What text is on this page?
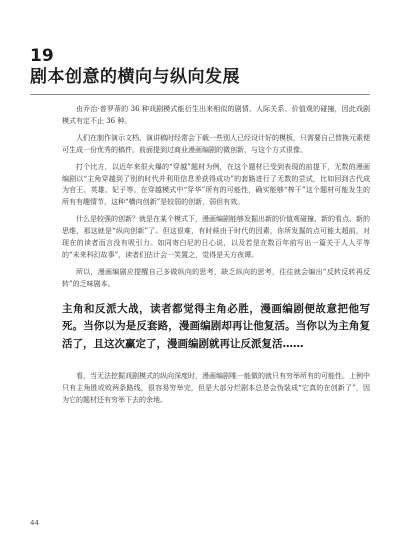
19
剧本创意的横向与纵向发展

由乔治·普罗蒂的 36 种戏剧模式能衍生出来相似的剧情、人际关系、价值观的碰撞，因此戏剧模式有定不止 36 种。

人们在制作演示文档、演讲稿时经常会下载一些别人已经设计好的模板，只需要自己替换元素便可生成一份优秀的稿件。前面提到过商业漫画编剧的微创新，与这个方式很像。

打个比方，以近年来很火爆的“穿越”题材为例，在这个题材已受到表现的前提下，无数的漫画编剧以“主角穿越到了别的时代并利用信息差获得成功”的套路进行了无数的尝试，比如回到古代成为官王、英雄、妃子等。在穿越模式中“穿华”所有的可能性，确实能够“榨干”这个题材可能发生的所有有趣情节，这种“横向创新”是较弱的创新，弱但有效。

什么是较强的创新？就是在某个模式下，漫画编剧能够发掘出新的价值观碰撞、新的看点、新的思维，那这就是“纵向创新”了。但这很难，有时候由于时代的因素，你所发掘的点可能太超前，对现在的读者而言没有吸引力。如同寄白尼的日心说，以及若是在数百年前写出一篇关于人人平等的“未来科幻故事”，读者们估计会一笑置之，觉得是天方夜谭。

所以，漫画编剧应提醒自己多做纵向的思考，缺乏纵向的思考，往往就会编出“反转反转再反转”的乏味剧本。

主角和反派大战，读者都觉得主角必胜，漫画编剧便故意把他写死。当你以为是反套路，漫画编剧却再让他复活。当你以为主角复活了，且这次赢定了，漫画编剧就再让反派复活……

看，当无法挖掘戏剧模式的纵向深度时，漫画编剧唯一能做的就只有穷举所有的可能性。上例中只有主角胜或败两条路线，很容易穷举完，但是大部分烂剧本总是会伪装成“它真的在创新了”，因为它的题材还有穷举下去的余地。

44
